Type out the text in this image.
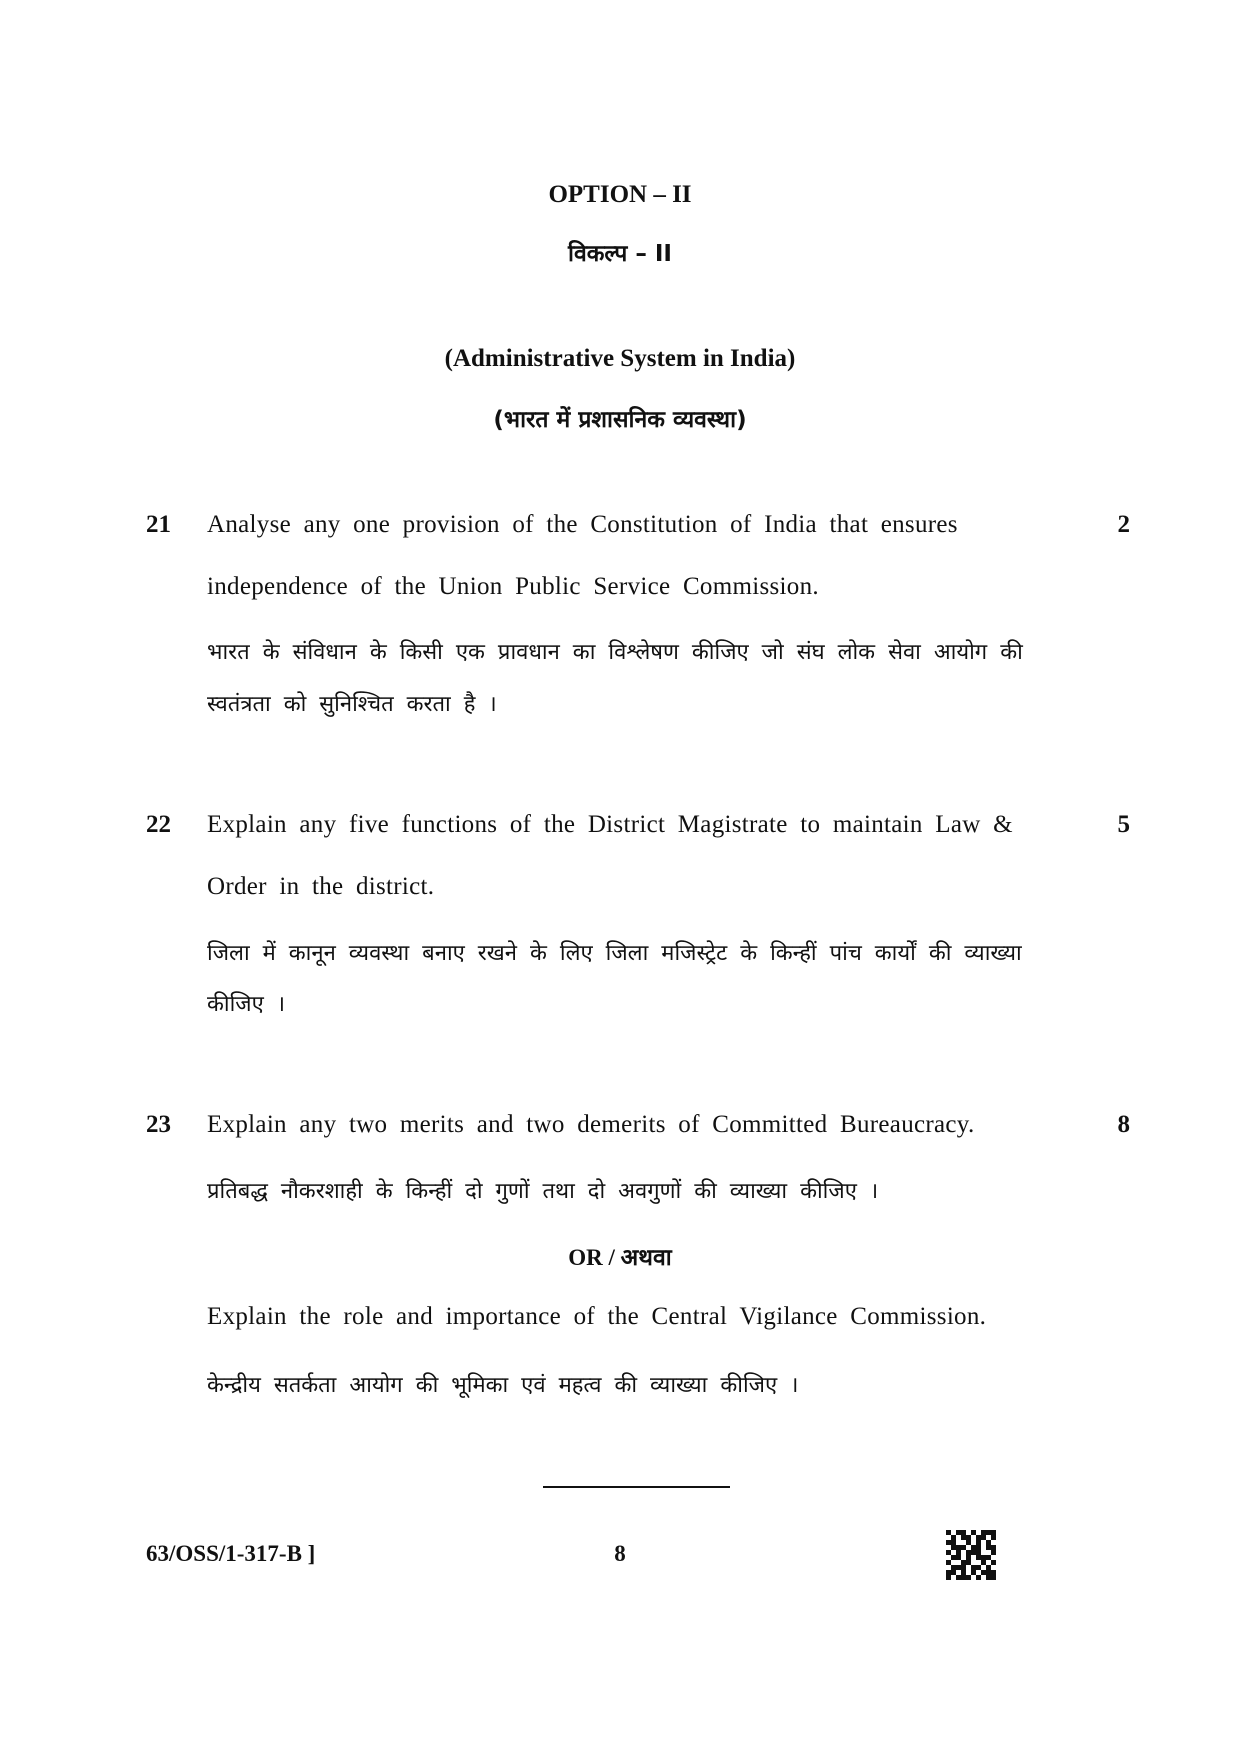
OPTION – II
विकल्प – II
(Administrative System in India)
(भारत में प्रशासनिक व्यवस्था)
21	2
Analyse any one provision of the Constitution of India that ensures
independence of the Union Public Service Commission.
भारत के संविधान के किसी एक प्रावधान का विश्लेषण कीजिए जो संघ लोक सेवा आयोग की
स्वतंत्रता को सुनिश्चित करता है ।
22	5
Explain any five functions of the District Magistrate to maintain Law &
Order in the district.
जिला में कानून व्यवस्था बनाए रखने के लिए जिला मजिस्ट्रेट के किन्हीं पांच कार्यों की व्याख्या
कीजिए ।
23	8
Explain any two merits and two demerits of Committed Bureaucracy.
प्रतिबद्ध नौकरशाही के किन्हीं दो गुणों तथा दो अवगुणों की व्याख्या कीजिए ।
OR / अथवा
Explain the role and importance of the Central Vigilance Commission.
केन्द्रीय सतर्कता आयोग की भूमिका एवं महत्व की व्याख्या कीजिए ।
63/OSS/1-317-B ]	8
